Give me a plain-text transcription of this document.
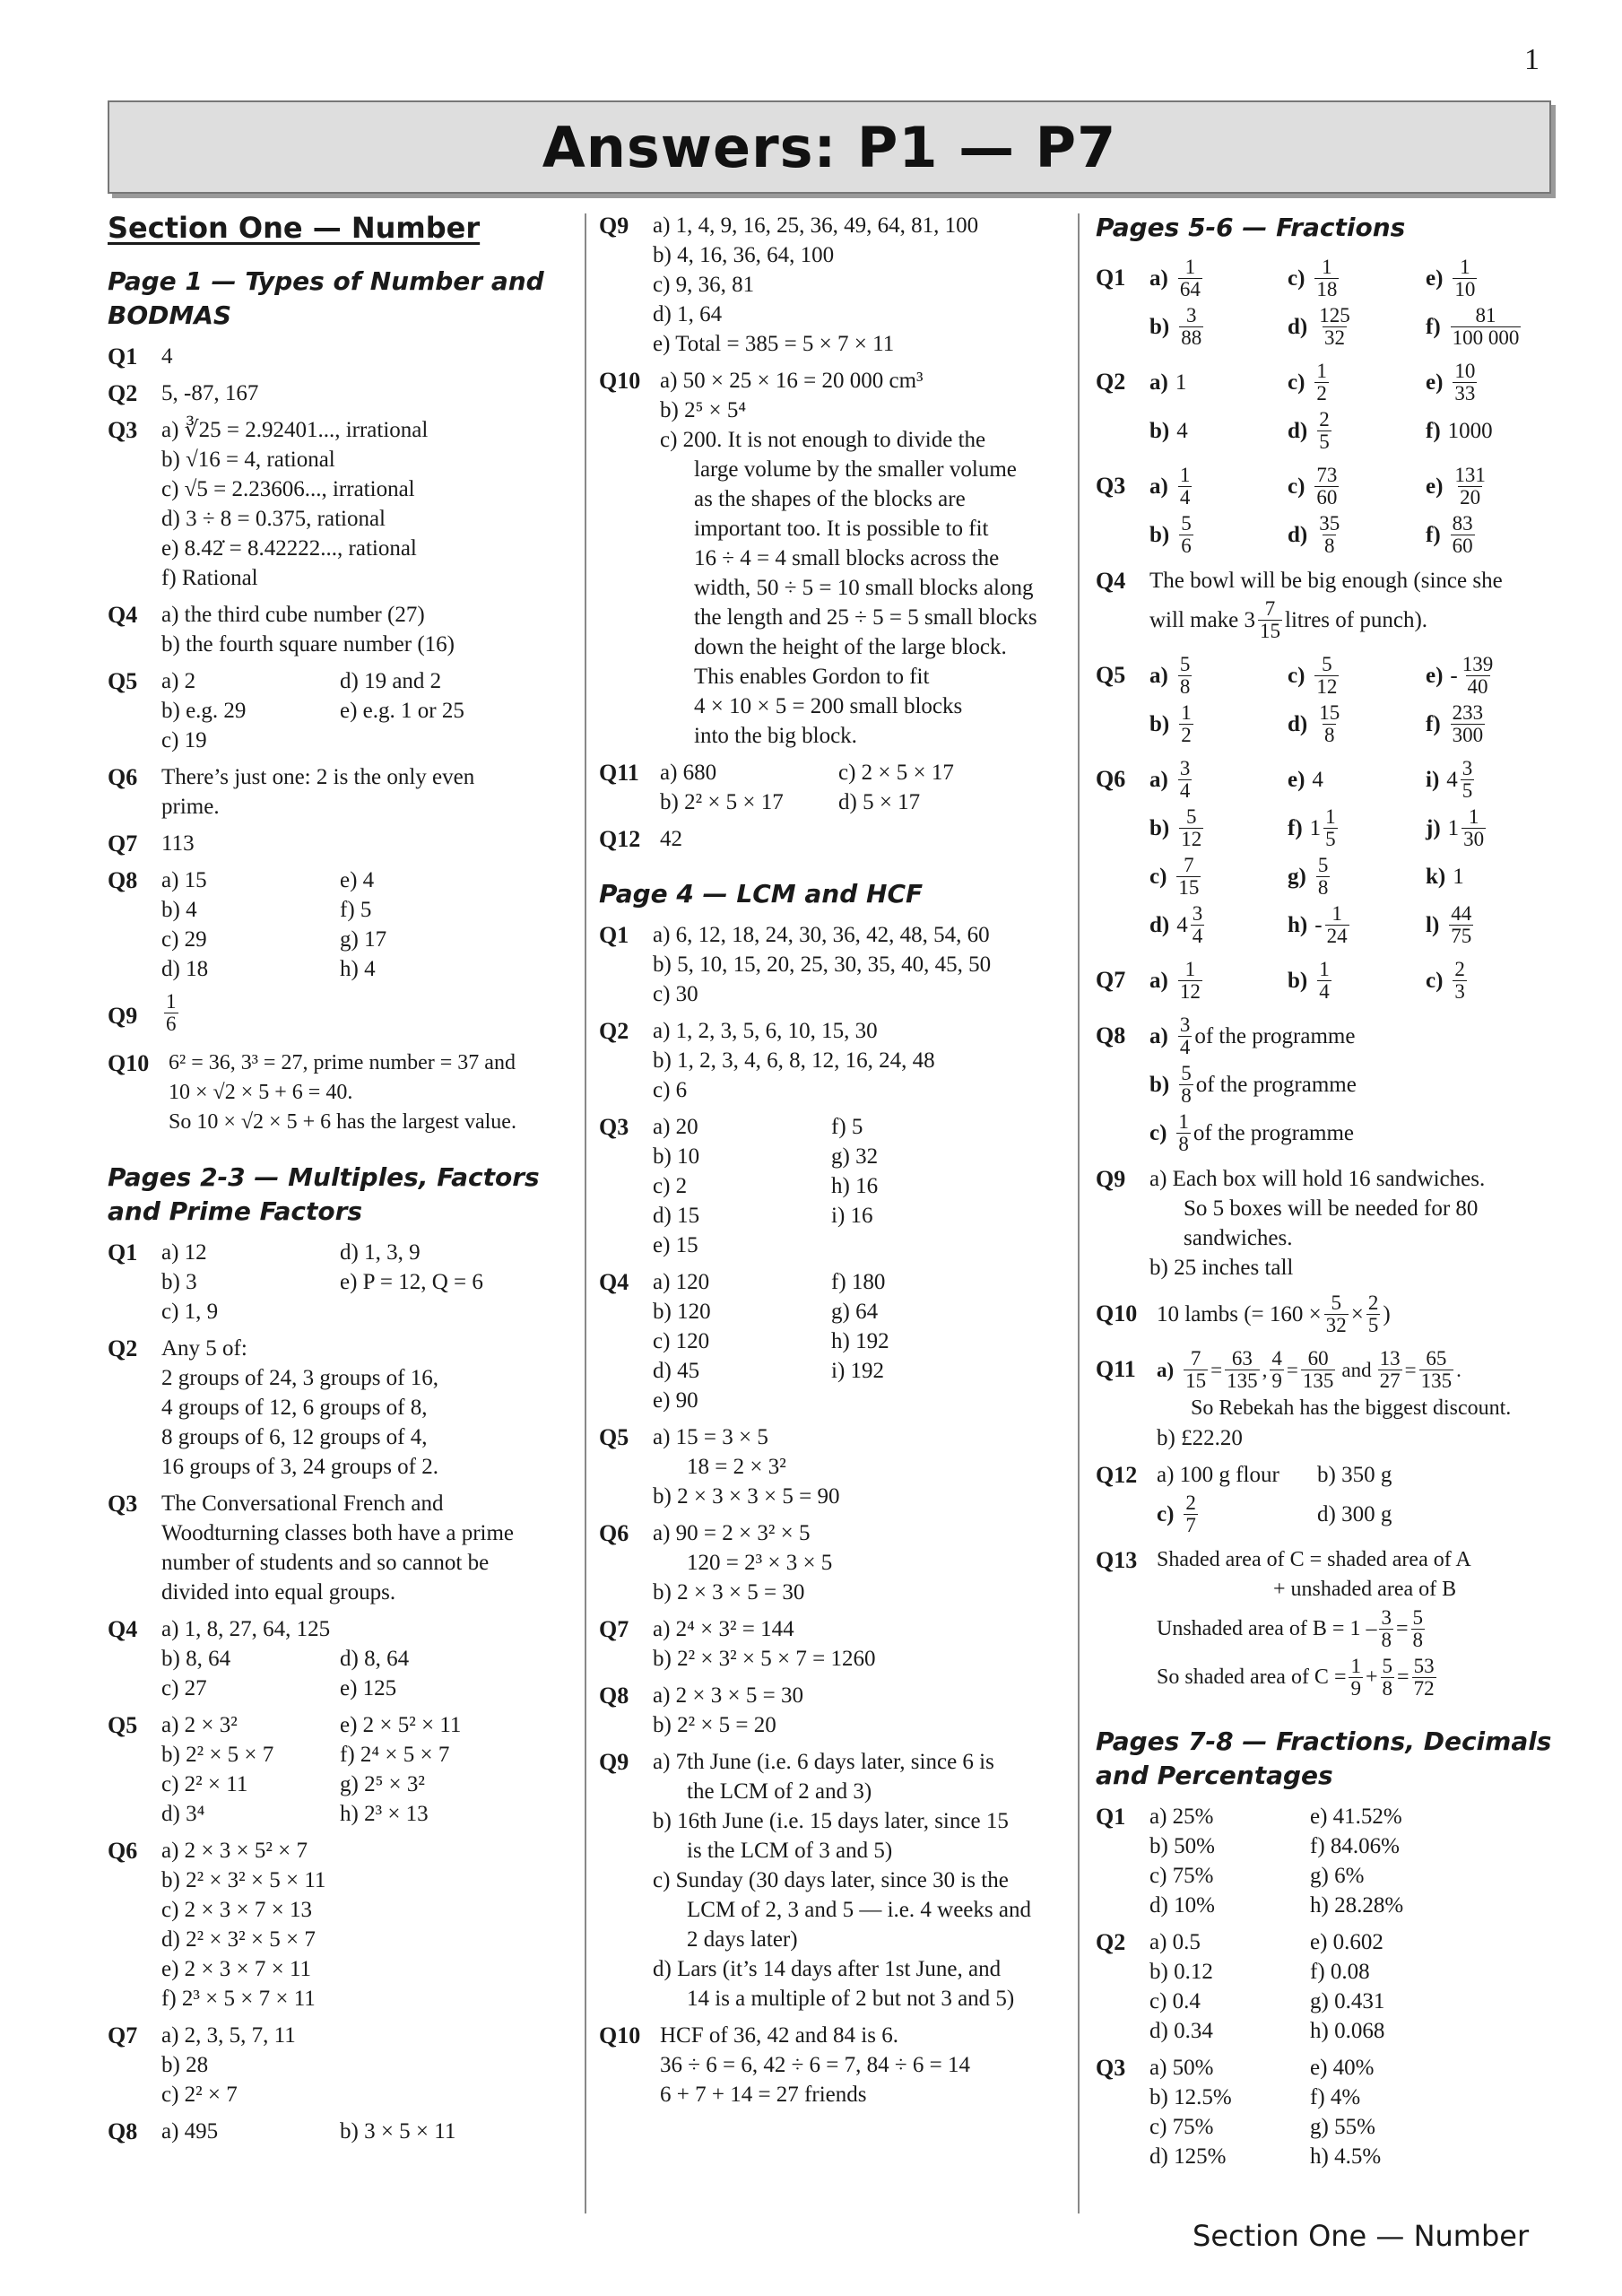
1
Answers: P1 — P7
Section One — Number
Page 1 — Types of Number and BODMAS
Q1	4
Q2	5, -87, 167
Q3	a) ∛25 = 2.92401..., irrational
b) √16 = 4, rational
c) √5 = 2.23606..., irrational
d) 3 ÷ 8 = 0.375, rational
e) 8.42̇ = 8.42222..., rational
f) Rational
Q4	a) the third cube number (27)
b) the fourth square number (16)
Q5	a) 2	d) 19 and 2
b) e.g. 29	e) e.g. 1 or 25
c) 19
Q6	There’s just one: 2 is the only even
prime.
Q7	113
Q8	a) 15	e) 4
b) 4	f) 5
c) 29	g) 17
d) 18	h) 4
Q9	$\frac{1}{6}$
Q10 6² = 36, 3³ = 27, prime number = 37 and
10 × √2 × 5 + 6 = 40.
So 10 × √2 × 5 + 6 has the largest value.
Pages 2-3 — Multiples, Factors and Prime Factors
Q1	a) 12	d) 1, 3, 9
b) 3	e) P = 12, Q = 6
c) 1, 9
Q2	Any 5 of:
2 groups of 24, 3 groups of 16,
4 groups of 12, 6 groups of 8,
8 groups of 6, 12 groups of 4,
16 groups of 3, 24 groups of 2.
Q3	The Conversational French and
Woodturning classes both have a prime
number of students and so cannot be
divided into equal groups.
Q4	a) 1, 8, 27, 64, 125
b) 8, 64	d) 8, 64
c) 27	e) 125
Q5	a) 2 × 3²	e) 2 × 5² × 11
b) 2² × 5 × 7	f) 2⁴ × 5 × 7
c) 2² × 11	g) 2⁵ × 3²
d) 3⁴	h) 2³ × 13
Q6	a) 2 × 3 × 5² × 7
b) 2² × 3² × 5 × 11
c) 2 × 3 × 7 × 13
d) 2² × 3² × 5 × 7
e) 2 × 3 × 7 × 11
f) 2³ × 5 × 7 × 11
Q7	a) 2, 3, 5, 7, 11
b) 28
c) 2² × 7
Q8	a) 495	b) 3 × 5 × 11
Q9	a) 1, 4, 9, 16, 25, 36, 49, 64, 81, 100
b) 4, 16, 36, 64, 100
c) 9, 36, 81
d) 1, 64
e) Total = 385 = 5 × 7 × 11
Q10 a) 50 × 25 × 16 = 20 000 cm³
b) 2⁵ × 5⁴
c) 200. It is not enough to divide the
large volume by the smaller volume
as the shapes of the blocks are
important too. It is possible to fit
16 ÷ 4 = 4 small blocks across the
width, 50 ÷ 5 = 10 small blocks along
the length and 25 ÷ 5 = 5 small blocks
down the height of the large block.
This enables Gordon to fit
4 × 10 × 5 = 200 small blocks
into the big block.
Q11 a) 680	c) 2 × 5 × 17
b) 2² × 5 × 17	d) 5 × 17
Q12 42
Page 4 — LCM and HCF
Q1	a) 6, 12, 18, 24, 30, 36, 42, 48, 54, 60
b) 5, 10, 15, 20, 25, 30, 35, 40, 45, 50
c) 30
Q2	a) 1, 2, 3, 5, 6, 10, 15, 30
b) 1, 2, 3, 4, 6, 8, 12, 16, 24, 48
c) 6
Q3	a) 20	f) 5
b) 10	g) 32
c) 2	h) 16
d) 15	i) 16
e) 15
Q4	a) 120	f) 180
b) 120	g) 64
c) 120	h) 192
d) 45	i) 192
e) 90
Q5	a) 15 = 3 × 5
18 = 2 × 3²
b) 2 × 3 × 3 × 5 = 90
Q6	a) 90 = 2 × 3² × 5
120 = 2³ × 3 × 5
b) 2 × 3 × 5 = 30
Q7	a) 2⁴ × 3² = 144
b) 2² × 3² × 5 × 7 = 1260
Q8	a) 2 × 3 × 5 = 30
b) 2² × 5 = 20
Q9	a) 7th June (i.e. 6 days later, since 6 is
the LCM of 2 and 3)
b) 16th June (i.e. 15 days later, since 15
is the LCM of 3 and 5)
c) Sunday (30 days later, since 30 is the
LCM of 2, 3 and 5 — i.e. 4 weeks and
2 days later)
d) Lars (it’s 14 days after 1st June, and
14 is a multiple of 2 but not 3 and 5)
Q10 HCF of 36, 42 and 84 is 6.
36 ÷ 6 = 6, 42 ÷ 6 = 7, 84 ÷ 6 = 14
6 + 7 + 14 = 27 friends
Pages 5-6 — Fractions
Q1	$a) \frac{1}{64}$	$c) \frac{1}{18}$	$e) \frac{1}{10}$
$b) \frac{3}{88}$	$d) \frac{125}{32}$	$f) \frac{81}{100 000}$
Q2	a) 1	$c) \frac{1}{2}$	$e) \frac{10}{33}$
b) 4	$d) \frac{2}{5}$	f) 1000
Q3	$a) \frac{1}{4}$	$c) \frac{73}{60}$	$e) \frac{131}{20}$
$b) \frac{5}{6}$	$d) \frac{35}{8}$	$f) \frac{83}{60}$
Q4	The bowl will be big enough (since she
will make $3 \frac{7}{15}$ litres of punch).
Q5	$a) \frac{5}{8}$	$c) \frac{5}{12}$	$e) - \frac{139}{40}$
$b) \frac{1}{2}$	$d) \frac{15}{8}$	$f) \frac{233}{300}$
Q6	$a) \frac{3}{4}$	e) 4	i) $4 \frac{3}{5}$
$b) \frac{5}{12}$	f) $1 \frac{1}{5}$	j) $1 \frac{1}{30}$
$c) \frac{7}{15}$	$g) \frac{5}{8}$	k) 1
d) $4 \frac{3}{4}$	$h) - \frac{1}{24}$	$l) \frac{44}{75}$
Q7	$a) \frac{1}{12}$	$b) \frac{1}{4}$	$c) \frac{2}{3}$
Q8	$a) \frac{3}{4}$ of the programme
$b) \frac{5}{8}$ of the programme
$c) \frac{1}{8}$ of the programme
Q9	a) Each box will hold 16 sandwiches.
So 5 boxes will be needed for 80
sandwiches.
b) 25 inches tall
Q10 10 lambs (= $160 \times \frac{5}{32} \times \frac{2}{5}$ )
Q11	$a) \frac{7}{15} = \frac{63}{135}$ , $\frac{4}{9} = \frac{60}{135}$ and $\frac{13}{27} = \frac{65}{135}$ .
So Rebekah has the biggest discount.
b) £22.20
Q12 a) 100 g flour	b) 350 g
$c) \frac{2}{7}$	d) 300 g
Q13 Shaded area of C = shaded area of A
+ unshaded area of B
Unshaded area of $B = 1 - \frac{3}{8} = \frac{5}{8}$
So shaded area of $C = \frac{1}{9} + \frac{5}{8} = \frac{53}{72}$
Pages 7-8 — Fractions, Decimals and Percentages
Q1	a) 25%	e) 41.52%
b) 50%	f) 84.06%
c) 75%	g) 6%
d) 10%	h) 28.28%
Q2	a) 0.5	e) 0.602
b) 0.12	f) 0.08
c) 0.4	g) 0.431
d) 0.34	h) 0.068
Q3	a) 50%	e) 40%
b) 12.5%	f) 4%
c) 75%	g) 55%
d) 125%	h) 4.5%
Section One — Number
